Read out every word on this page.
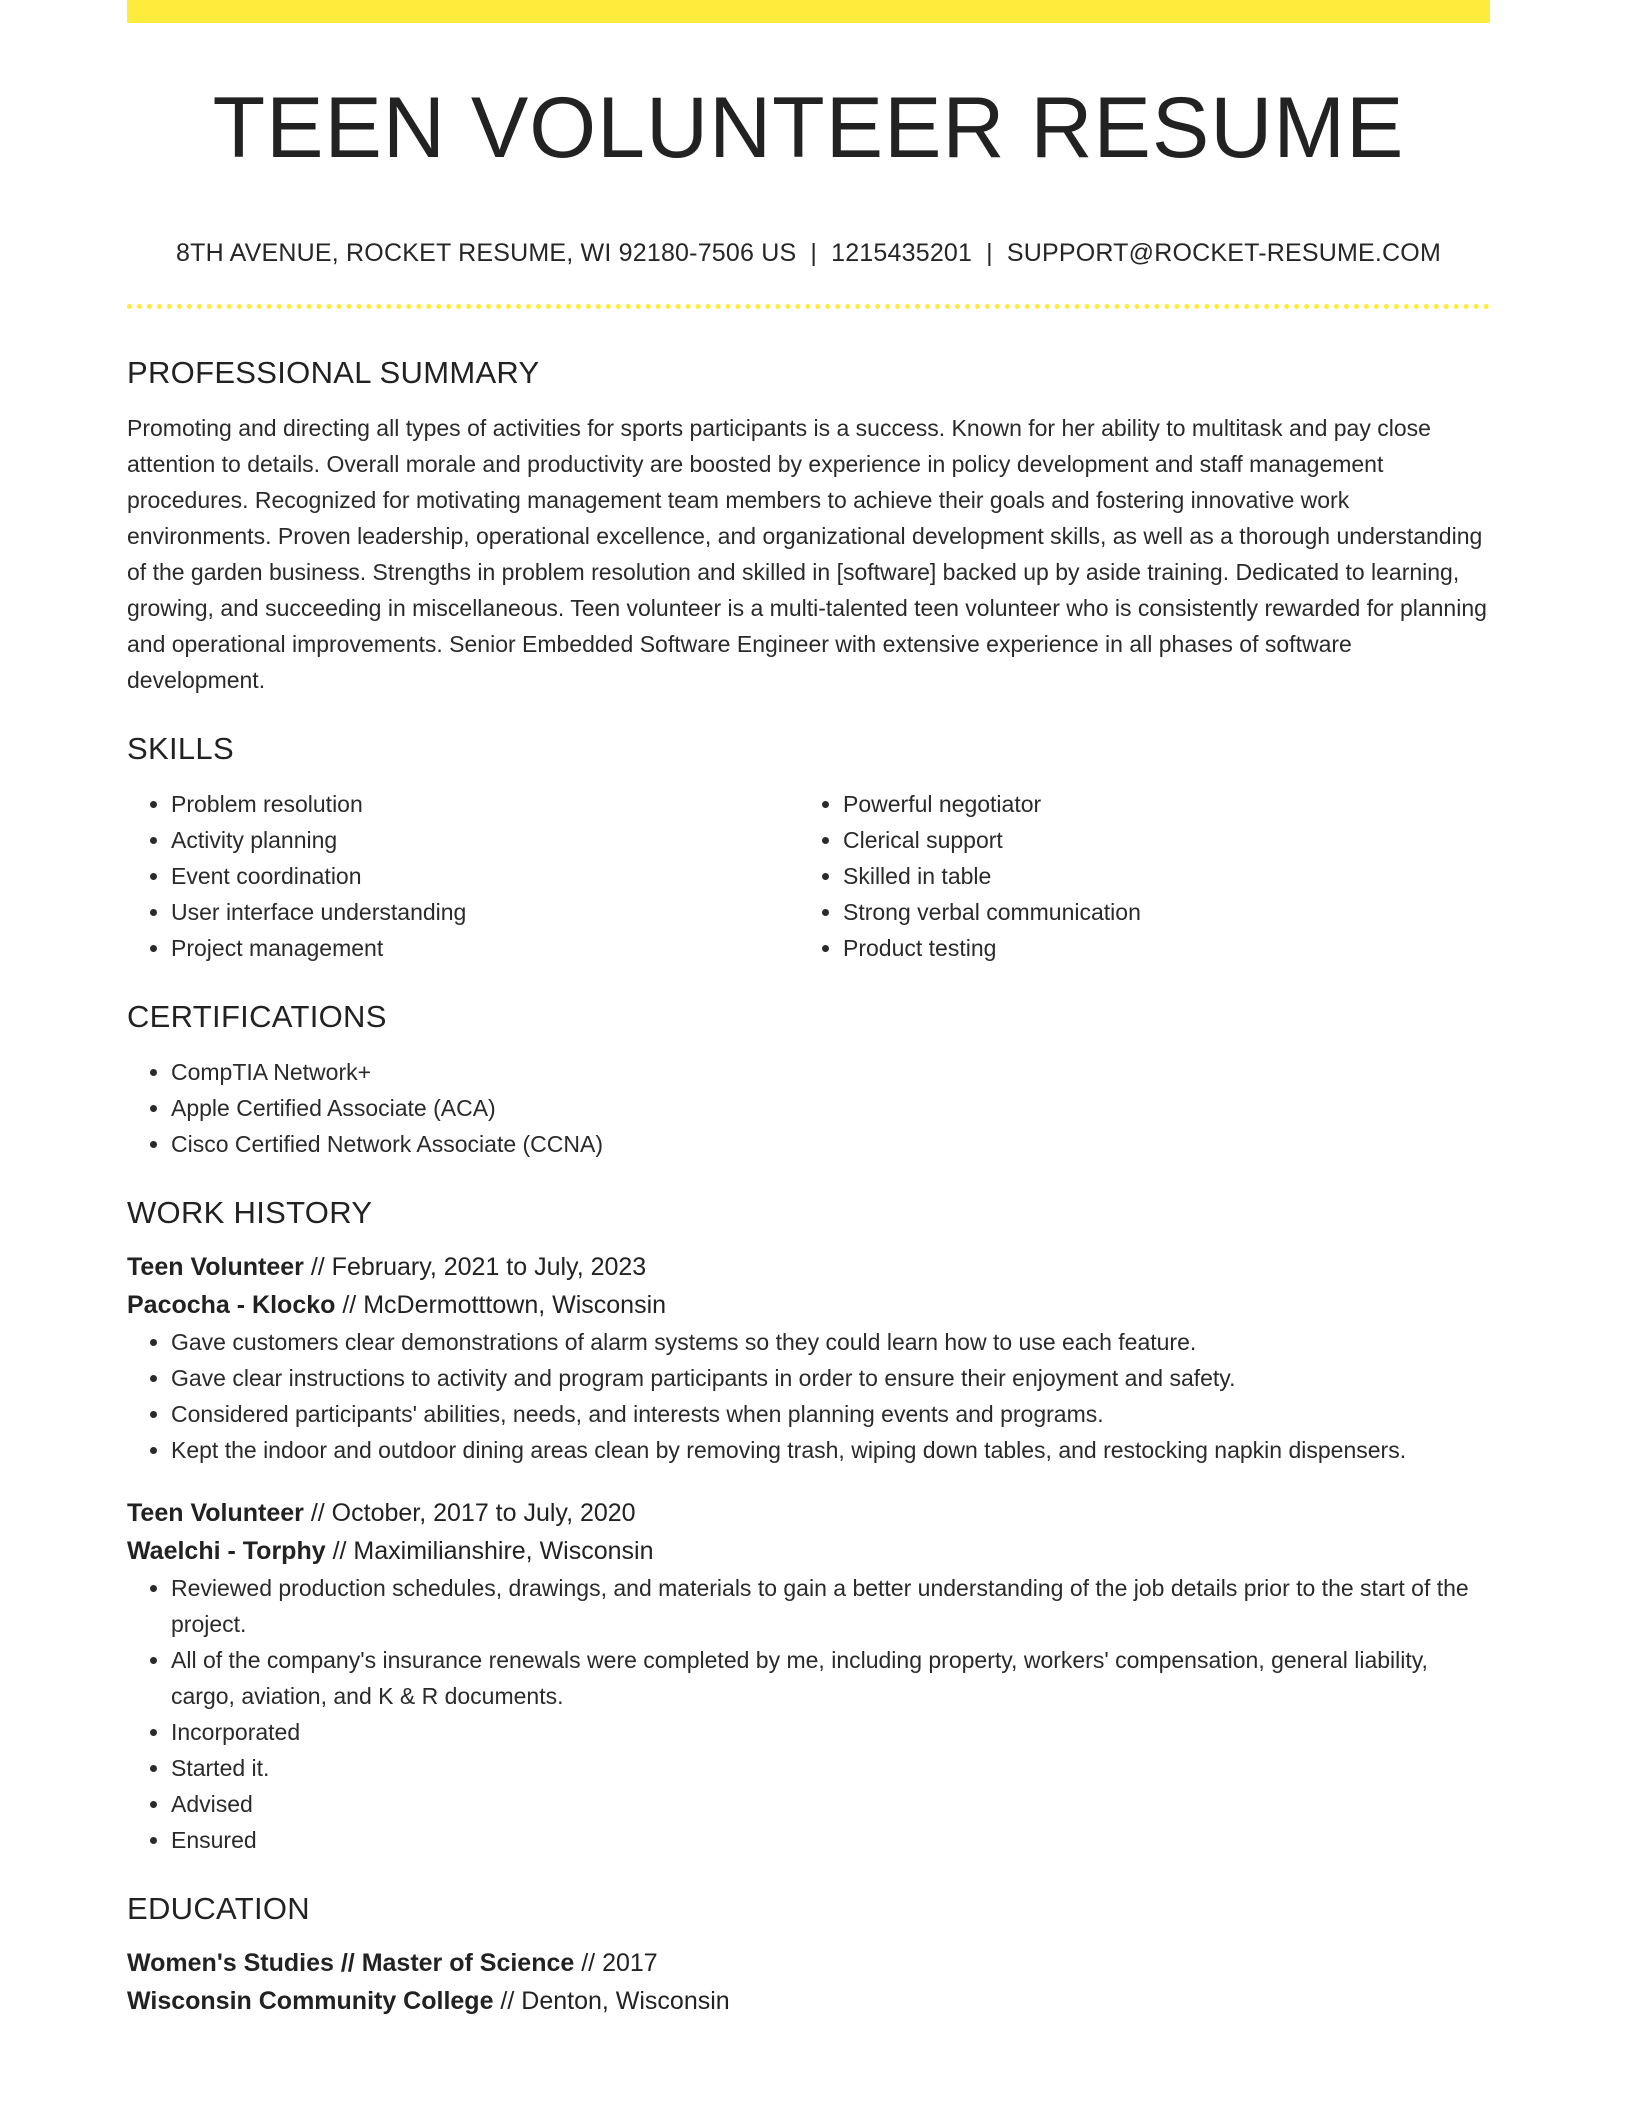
TEEN VOLUNTEER RESUME
8TH AVENUE, ROCKET RESUME, WI 92180-7506 US | 1215435201 | SUPPORT@ROCKET-RESUME.COM
PROFESSIONAL SUMMARY

Promoting and directing all types of activities for sports participants is a success. Known for her ability to multitask and pay close attention to details. Overall morale and productivity are boosted by experience in policy development and staff management procedures. Recognized for motivating management team members to achieve their goals and fostering innovative work environments. Proven leadership, operational excellence, and organizational development skills, as well as a thorough understanding of the garden business. Strengths in problem resolution and skilled in [software] backed up by aside training. Dedicated to learning, growing, and succeeding in miscellaneous. Teen volunteer is a multi-talented teen volunteer who is consistently rewarded for planning and operational improvements. Senior Embedded Software Engineer with extensive experience in all phases of software development.

SKILLS
• Problem resolution
• Activity planning
• Event coordination
• User interface understanding
• Project management
• Powerful negotiator
• Clerical support
• Skilled in table
• Strong verbal communication
• Product testing
CERTIFICATIONS
• CompTIA Network+
• Apple Certified Associate (ACA)
• Cisco Certified Network Associate (CCNA)
WORK HISTORY
Teen Volunteer // February, 2021 to July, 2023
Pacocha - Klocko // McDermotttown, Wisconsin
• Gave customers clear demonstrations of alarm systems so they could learn how to use each feature.
• Gave clear instructions to activity and program participants in order to ensure their enjoyment and safety.
• Considered participants' abilities, needs, and interests when planning events and programs.
• Kept the indoor and outdoor dining areas clean by removing trash, wiping down tables, and restocking napkin dispensers.
Teen Volunteer // October, 2017 to July, 2020
Waelchi - Torphy // Maximilianshire, Wisconsin
• Reviewed production schedules, drawings, and materials to gain a better understanding of the job details prior to the start of the project.
• All of the company's insurance renewals were completed by me, including property, workers' compensation, general liability, cargo, aviation, and K & R documents.
• Incorporated
• Started it.
• Advised
• Ensured
EDUCATION
Women's Studies // Master of Science // 2017
Wisconsin Community College // Denton, Wisconsin
